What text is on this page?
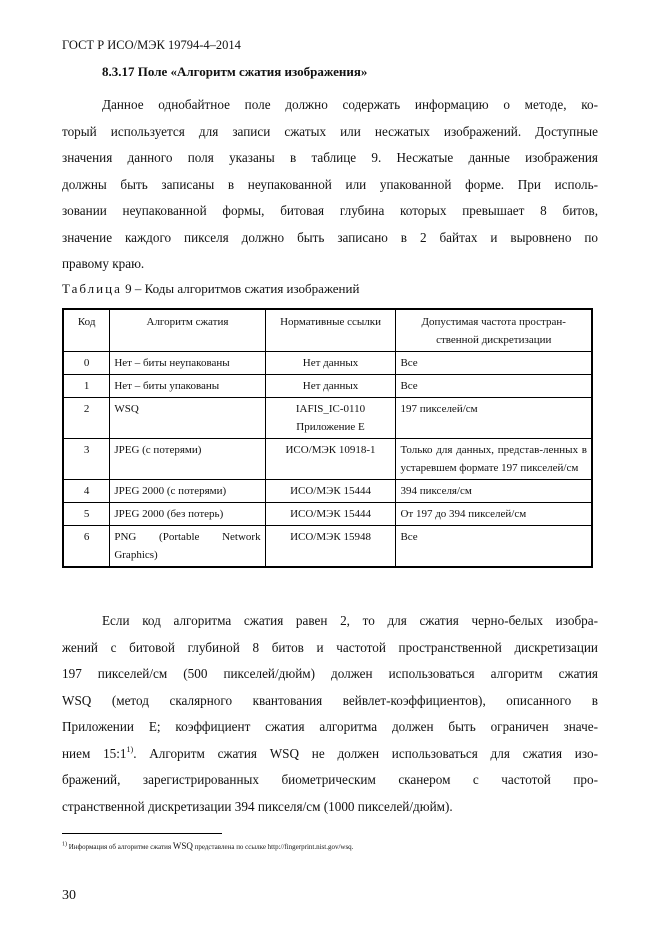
ГОСТ Р ИСО/МЭК 19794-4–2014
8.3.17 Поле «Алгоритм сжатия изображения»
Данное однобайтное поле должно содержать информацию о методе, ко-
торый используется для записи сжатых или несжатых изображений. Доступные
значения данного поля указаны в таблице 9. Несжатые данные изображения
должны быть записаны в неупакованной или упакованной форме. При исполь-
зовании неупакованной формы, битовая глубина которых превышает 8 битов,
значение каждого пикселя должно быть записано в 2 байтах и выровнено по
правому краю.
Таблица 9 – Коды алгоритмов сжатия изображений
Код	Алгоритм сжатия	Нормативные ссылки	Допустимая частота простран-ственной дискретизации
0	Нет – биты неупакованы	Нет данных	Все
1	Нет – биты упакованы	Нет данных	Все
2	WSQ	IAFIS_IC-0110 Приложение E	197 пикселей/см
3	JPEG (с потерями)	ИСО/МЭК 10918-1	Только для данных, представ-ленных в устаревшем формате 197 пикселей/см
4	JPEG 2000 (с потерями)	ИСО/МЭК 15444	394 пикселя/см
5	JPEG 2000 (без потерь)	ИСО/МЭК 15444	От 197 до 394 пикселей/см
6	PNG (Portable Network Graphics)	ИСО/МЭК 15948	Все
Если код алгоритма сжатия равен 2, то для сжатия черно-белых изобра-
жений с битовой глубиной 8 битов и частотой пространственной дискретизации
197 пикселей/см (500 пикселей/дюйм) должен использоваться алгоритм сжатия
WSQ (метод скалярного квантования вейвлет-коэффициентов), описанного в
Приложении Е; коэффициент сжатия алгоритма должен быть ограничен значе-
нием 15:1$^{1)}$. Алгоритм сжатия WSQ не должен использоваться для сжатия изо-
бражений, зарегистрированных биометрическим сканером с частотой про-
странственной дискретизации 394 пикселя/см (1000 пикселей/дюйм).
$^{1)}$ Информация об алгоритме сжатия WSQ представлена по ссылке http://fingerprint.nist.gov/wsq.
30
